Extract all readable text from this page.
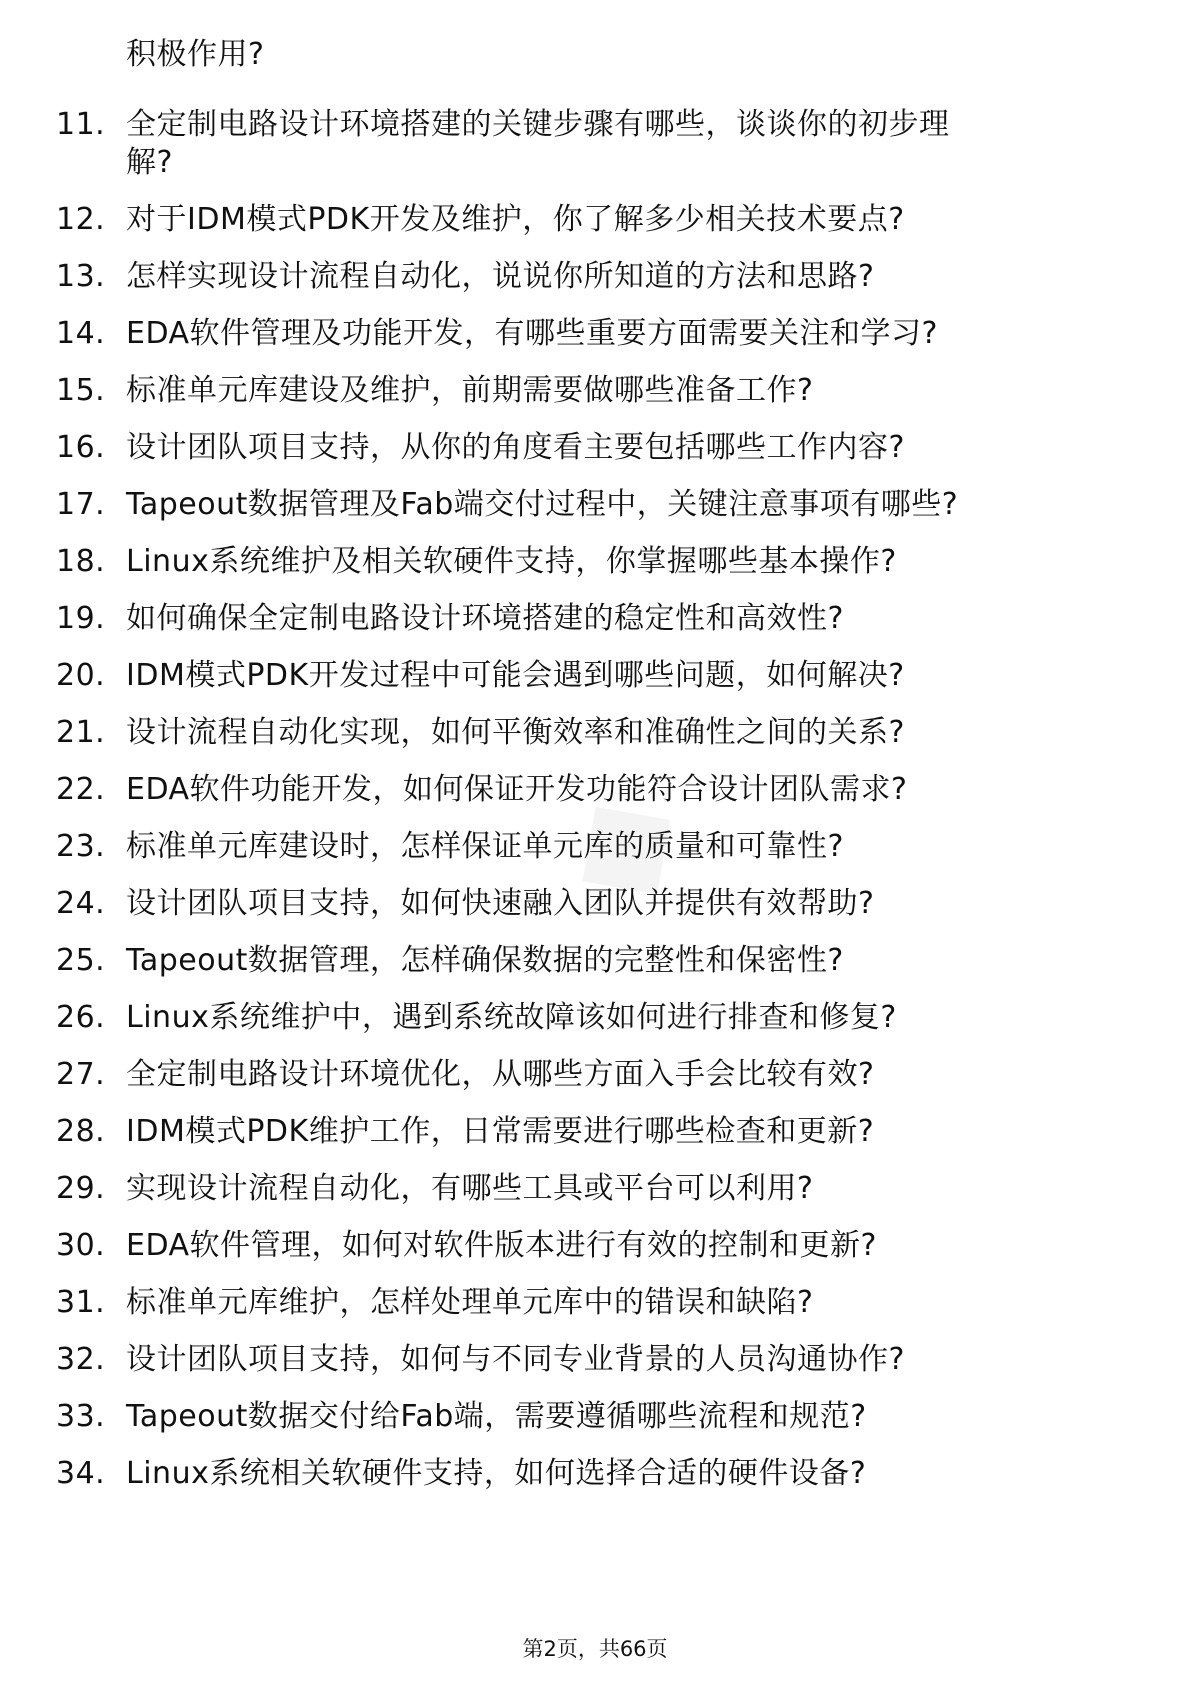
积极作用?
11. 全定制电路设计环境搭建的关键步骤有哪些，谈谈你的初步理
解?
12. 对于IDM模式PDK开发及维护，你了解多少相关技术要点?
13. 怎样实现设计流程自动化，说说你所知道的方法和思路?
14. EDA软件管理及功能开发，有哪些重要方面需要关注和学习?
15. 标准单元库建设及维护，前期需要做哪些准备工作?
16. 设计团队项目支持，从你的角度看主要包括哪些工作内容?
17. Tapeout数据管理及Fab端交付过程中，关键注意事项有哪些?
18. Linux系统维护及相关软硬件支持，你掌握哪些基本操作?
19. 如何确保全定制电路设计环境搭建的稳定性和高效性?
20. IDM模式PDK开发过程中可能会遇到哪些问题，如何解决?
21. 设计流程自动化实现，如何平衡效率和准确性之间的关系?
22. EDA软件功能开发，如何保证开发功能符合设计团队需求?
23. 标准单元库建设时，怎样保证单元库的质量和可靠性?
24. 设计团队项目支持，如何快速融入团队并提供有效帮助?
25. Tapeout数据管理，怎样确保数据的完整性和保密性?
26. Linux系统维护中，遇到系统故障该如何进行排查和修复?
27. 全定制电路设计环境优化，从哪些方面入手会比较有效?
28. IDM模式PDK维护工作，日常需要进行哪些检查和更新?
29. 实现设计流程自动化，有哪些工具或平台可以利用?
30. EDA软件管理，如何对软件版本进行有效的控制和更新?
31. 标准单元库维护，怎样处理单元库中的错误和缺陷?
32. 设计团队项目支持，如何与不同专业背景的人员沟通协作?
33. Tapeout数据交付给Fab端，需要遵循哪些流程和规范?
34. Linux系统相关软硬件支持，如何选择合适的硬件设备?
第2页，共66页
